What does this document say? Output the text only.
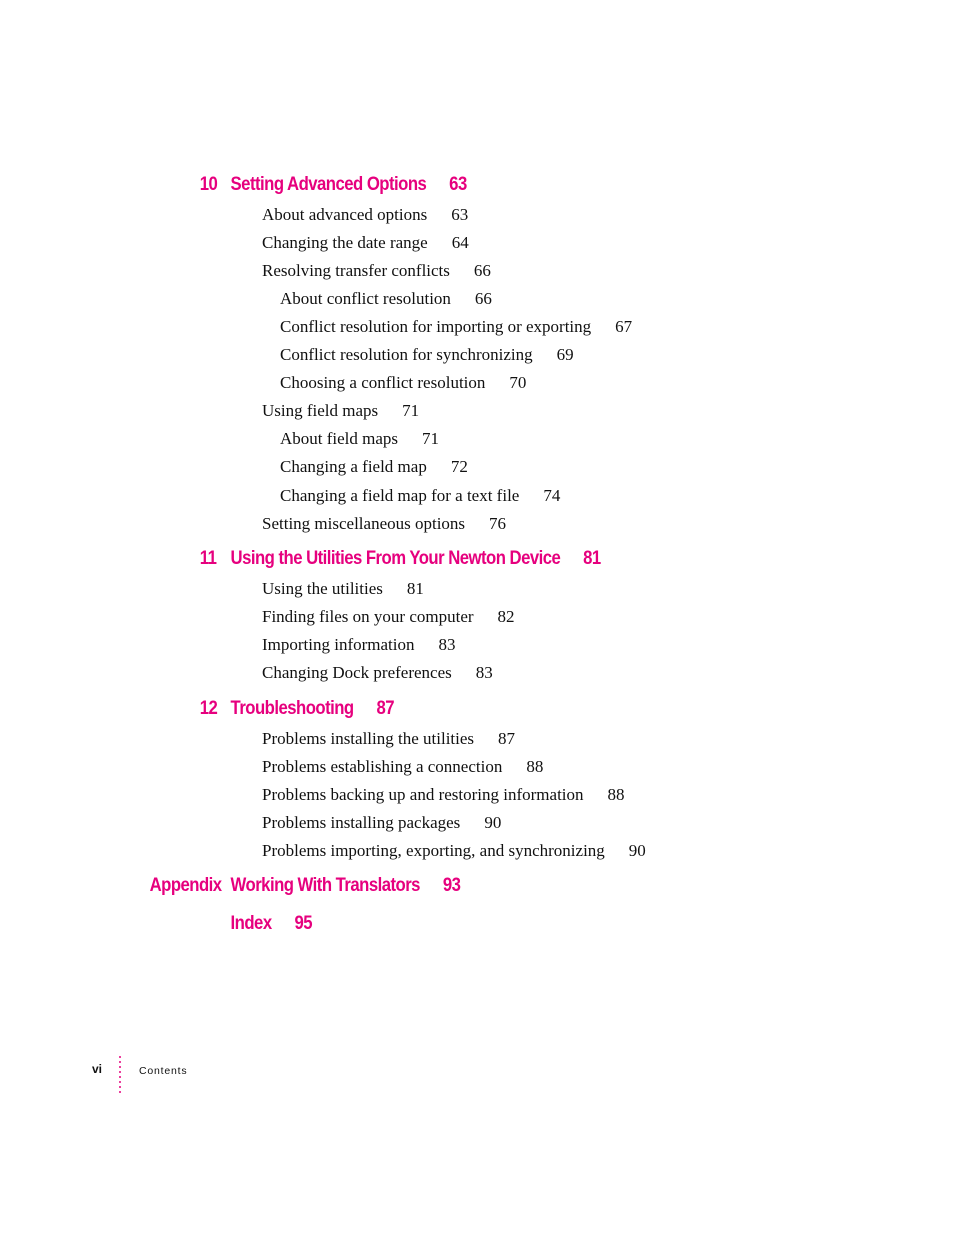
10 Setting Advanced Options 63
About advanced options 63
Changing the date range 64
Resolving transfer conflicts 66
About conflict resolution 66
Conflict resolution for importing or exporting 67
Conflict resolution for synchronizing 69
Choosing a conflict resolution 70
Using field maps 71
About field maps 71
Changing a field map 72
Changing a field map for a text file 74
Setting miscellaneous options 76
11 Using the Utilities From Your Newton Device 81
Using the utilities 81
Finding files on your computer 82
Importing information 83
Changing Dock preferences 83
12 Troubleshooting 87
Problems installing the utilities 87
Problems establishing a connection 88
Problems backing up and restoring information 88
Problems installing packages 90
Problems importing, exporting, and synchronizing 90
Appendix Working With Translators 93
Index 95
vi	Contents
